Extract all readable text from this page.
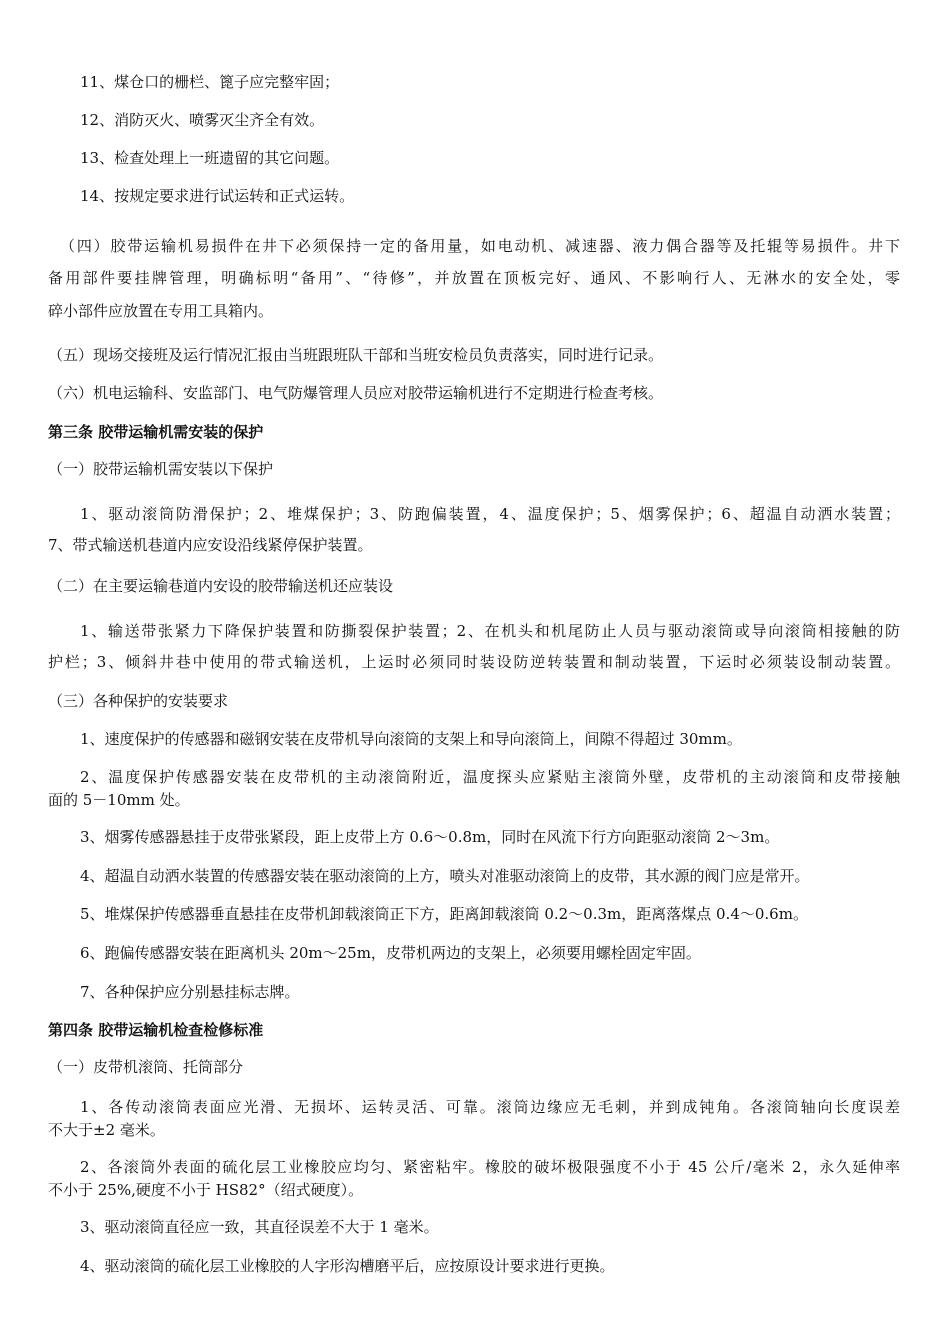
11、煤仓口的栅栏、篦子应完整牢固；
12、消防灭火、喷雾灭尘齐全有效。
13、检查处理上一班遗留的其它问题。
14、按规定要求进行试运转和正式运转。
（四）胶带运输机易损件在井下必须保持一定的备用量，如电动机、减速器、液力偶合器等及托辊等易损件。井下
备用部件要挂牌管理，明确标明“备用”、“待修”，并放置在顶板完好、通风、不影响行人、无淋水的安全处，零
碎小部件应放置在专用工具箱内。
（五）现场交接班及运行情况汇报由当班跟班队干部和当班安检员负责落实，同时进行记录。
（六）机电运输科、安监部门、电气防爆管理人员应对胶带运输机进行不定期进行检查考核。
第三条 胶带运输机需安装的保护
（一）胶带运输机需安装以下保护
1、驱动滚筒防滑保护；2、堆煤保护；3、防跑偏装置，4、温度保护；5、烟雾保护；6、超温自动洒水装置；
7、带式输送机巷道内应安设沿线紧停保护装置。
（二）在主要运输巷道内安设的胶带输送机还应装设
1、输送带张紧力下降保护装置和防撕裂保护装置；2、在机头和机尾防止人员与驱动滚筒或导向滚筒相接触的防
护栏；3、倾斜井巷中使用的带式输送机，上运时必须同时装设防逆转装置和制动装置，下运时必须装设制动装置。
（三）各种保护的安装要求
1、速度保护的传感器和磁钢安装在皮带机导向滚筒的支架上和导向滚筒上，间隙不得超过 30mm。
2、温度保护传感器安装在皮带机的主动滚筒附近，温度探头应紧贴主滚筒外壁，皮带机的主动滚筒和皮带接触
面的 5－10mm 处。
3、烟雾传感器悬挂于皮带张紧段，距上皮带上方 0.6～0.8m，同时在风流下行方向距驱动滚筒 2～3m。
4、超温自动洒水装置的传感器安装在驱动滚筒的上方，喷头对准驱动滚筒上的皮带，其水源的阀门应是常开。
5、堆煤保护传感器垂直悬挂在皮带机卸载滚筒正下方，距离卸载滚筒 0.2～0.3m，距离落煤点 0.4～0.6m。
6、跑偏传感器安装在距离机头 20m～25m，皮带机两边的支架上，必须要用螺栓固定牢固。
7、各种保护应分别悬挂标志牌。
第四条 胶带运输机检查检修标准
（一）皮带机滚筒、托筒部分
1、各传动滚筒表面应光滑、无损坏、运转灵活、可靠。滚筒边缘应无毛刺，并到成钝角。各滚筒轴向长度误差
不大于±2 毫米。
2、各滚筒外表面的硫化层工业橡胶应均匀、紧密粘牢。橡胶的破坏极限强度不小于 45 公斤/毫米 2，永久延伸率
不小于 25%,硬度不小于 HS82°（绍式硬度）。
3、驱动滚筒直径应一致，其直径误差不大于 1 毫米。
4、驱动滚筒的硫化层工业橡胶的人字形沟槽磨平后，应按原设计要求进行更换。
